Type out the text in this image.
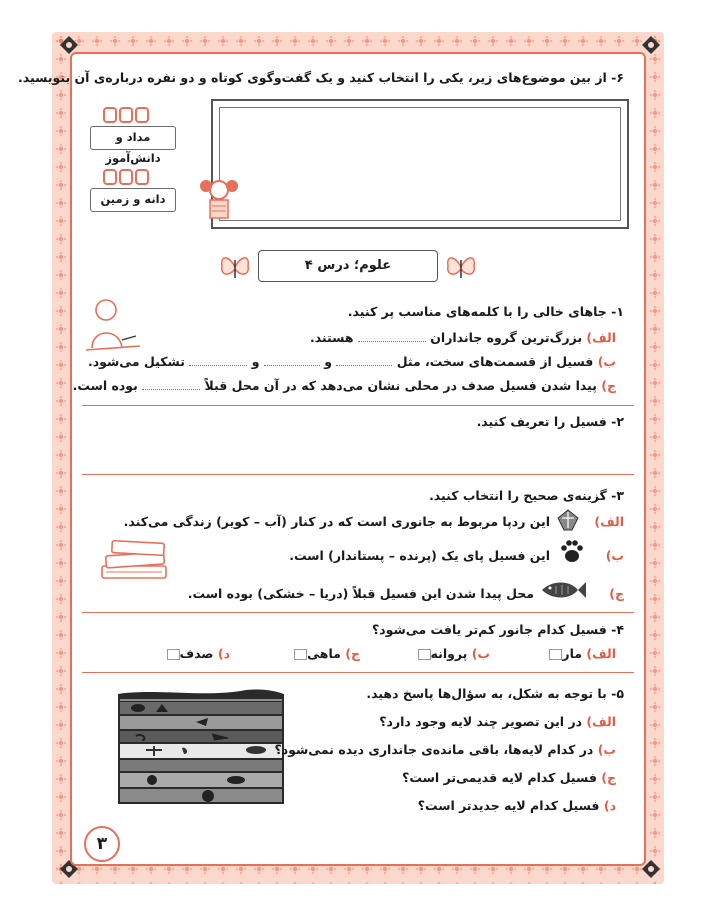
۶- از بین موضوع‌های زیر، یکی را انتخاب کنید و یک گفت‌وگوی کوتاه و دو نفره درباره‌ی آن بنویسید.
مداد و دانش‌آموز
دانه و زمین
علوم؛ درس ۴
۱- جاهای خالی را با کلمه‌های مناسب پر کنید.
الف) بزرگ‌ترین گروه جانداران  هستند.
ب) فسیل از قسمت‌های سخت، مثل  و  و  تشکیل می‌شود.
ج) پیدا شدن فسیل صدف در محلی نشان می‌دهد که در آن محل قبلاً  بوده است.
۲- فسیل را تعریف کنید.
۳- گزینه‌ی صحیح را انتخاب کنید.
الف)
این ردپا مربوط به جانوری است که در کنار (آب – کویر) زندگی می‌کند.
ب)
این فسیل پای یک (پرنده – پستاندار) است.
ج)
محل پیدا شدن این فسیل قبلاً (دریا – خشکی) بوده است.
۴- فسیل کدام جانور کم‌تر یافت می‌شود؟
الف) مار
ب) پروانه
ج) ماهی
د) صدف
۵- با توجه به شکل، به سؤال‌ها پاسخ دهید.
الف) در این تصویر چند لایه وجود دارد؟
ب) در کدام لایه‌ها، باقی مانده‌ی جانداری دیده نمی‌شود؟
ج) فسیل کدام لایه قدیمی‌تر است؟
د) فسیل کدام لایه جدیدتر است؟
۳
